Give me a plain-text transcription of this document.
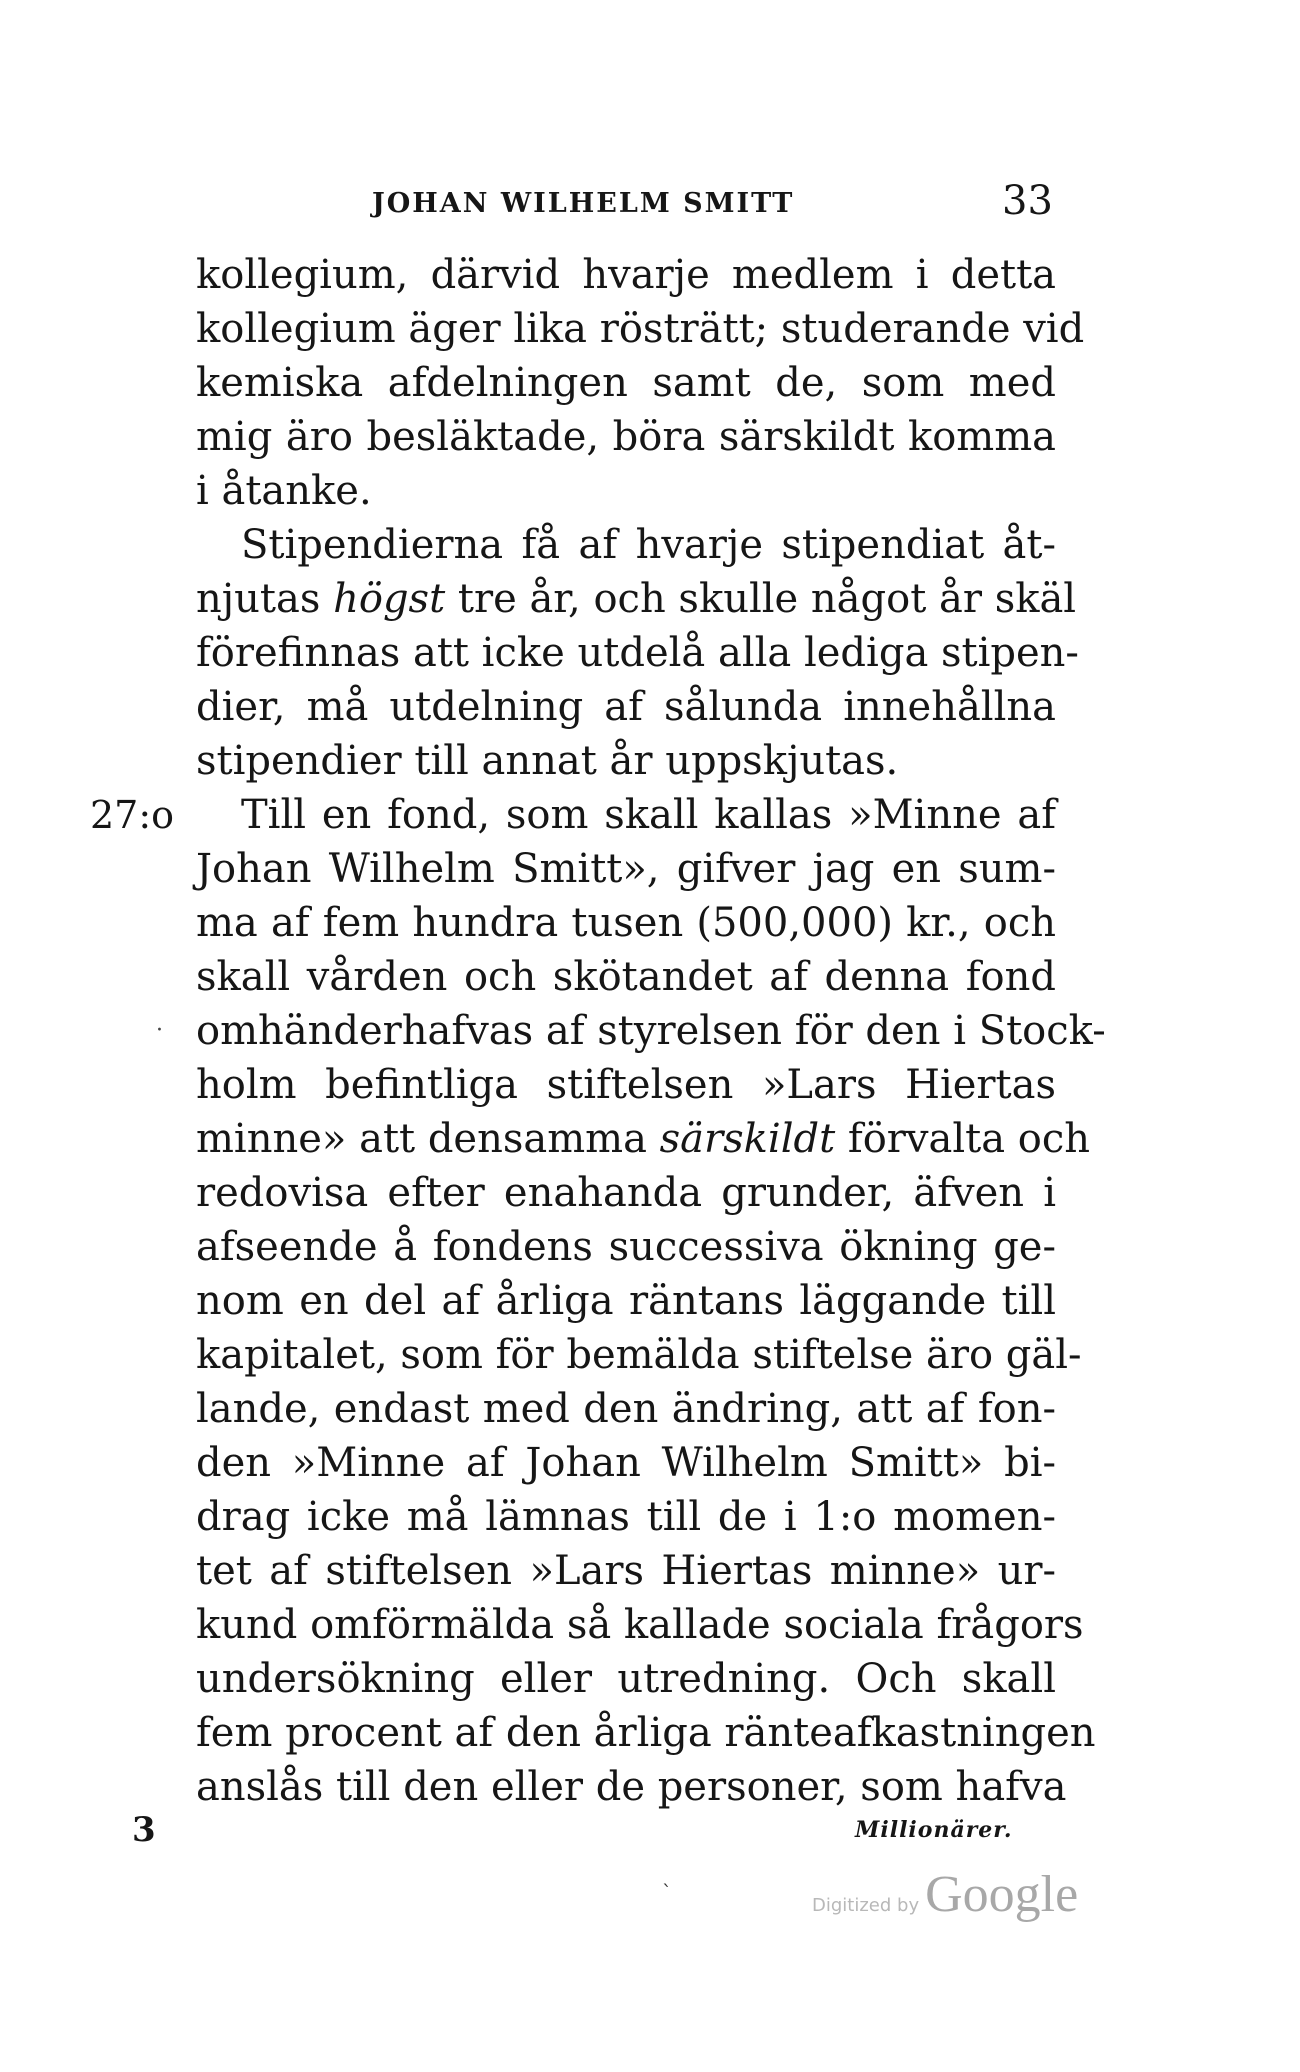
JOHAN WILHELM SMITT	33
kollegium, därvid hvarje medlem i detta
kollegium äger lika rösträtt; studerande vid
kemiska afdelningen samt de, som med
mig äro besläktade, böra särskildt komma
i åtanke.
Stipendierna få af hvarje stipendiat åt-
njutas högst tre år, och skulle något år skäl
förefinnas att icke utdelå alla lediga stipen-
dier, må utdelning af sålunda innehållna
stipendier till annat år uppskjutas.
27:o Till en fond, som skall kallas »Minne af
Johan Wilhelm Smitt», gifver jag en sum-
ma af fem hundra tusen (500,000) kr., och
skall vården och skötandet af denna fond
omhänderhafvas af styrelsen för den i Stock-
holm befintliga stiftelsen »Lars Hiertas
minne» att densamma särskildt förvalta och
redovisa efter enahanda grunder, äfven i
afseende å fondens successiva ökning ge-
nom en del af årliga räntans läggande till
kapitalet, som för bemälda stiftelse äro gäl-
lande, endast med den ändring, att af fon-
den »Minne af Johan Wilhelm Smitt» bi-
drag icke må lämnas till de i 1:o momen-
tet af stiftelsen »Lars Hiertas minne» ur-
kund omförmälda så kallade sociala frågors
undersökning eller utredning. Och skall
fem procent af den årliga ränteafkastningen
anslås till den eller de personer, som hafva
·
3	Millionärer.
ˋ
Digitized by Google
